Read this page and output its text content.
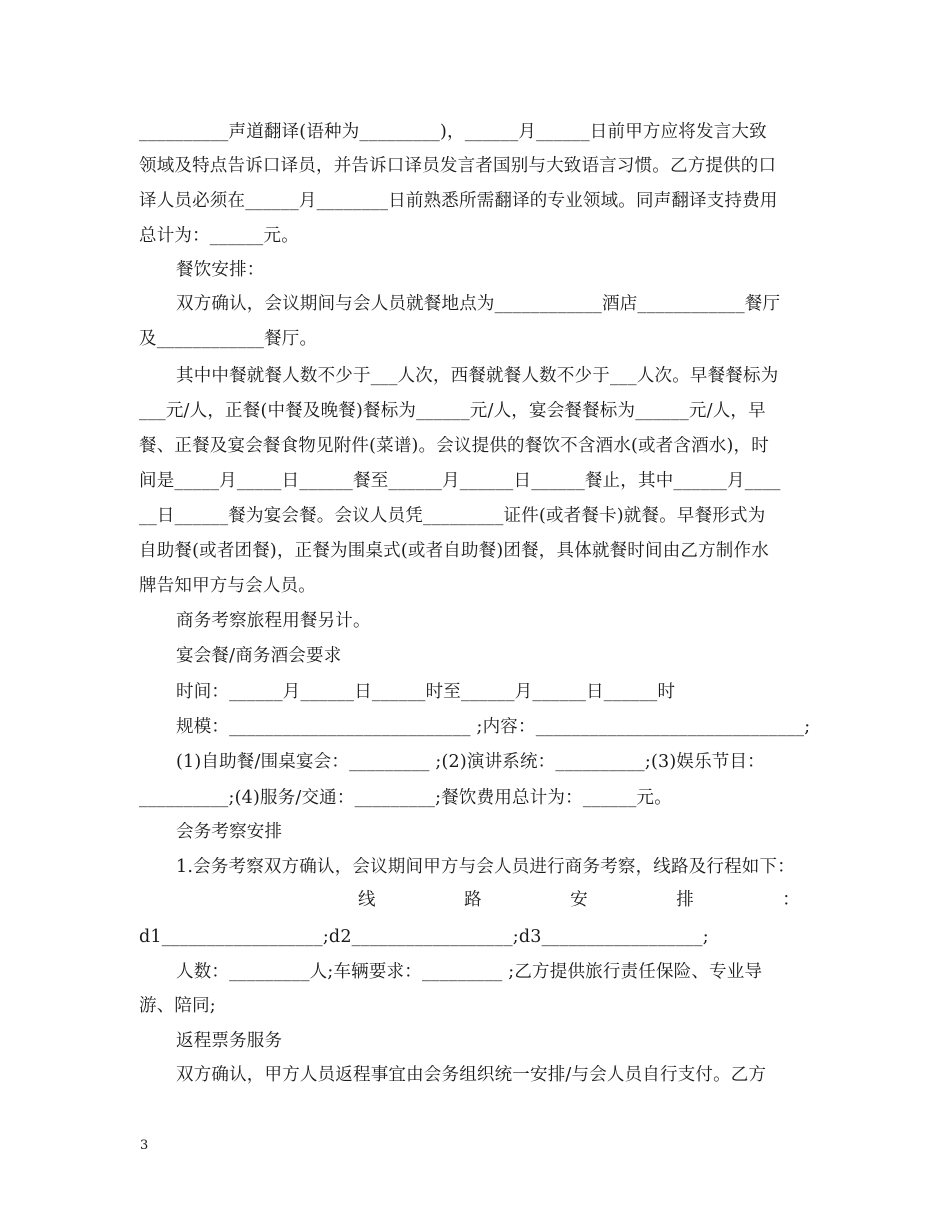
__________声道翻译(语种为_________)，______月______日前甲方应将发言大致
领域及特点告诉口译员，并告诉口译员发言者国别与大致语言习惯。乙方提供的口
译人员必须在______月________日前熟悉所需翻译的专业领域。同声翻译支持费用
总计为：______元。
餐饮安排：
双方确认，会议期间与会人员就餐地点为____________酒店____________餐厅
及____________餐厅。
其中中餐就餐人数不少于___人次，西餐就餐人数不少于___人次。早餐餐标为
___元/人，正餐(中餐及晚餐)餐标为______元/人，宴会餐餐标为______元/人，早
餐、正餐及宴会餐食物见附件(菜谱)。会议提供的餐饮不含酒水(或者含酒水)，时
间是_____月_____日______餐至______月______日______餐止，其中______月____
__日______餐为宴会餐。会议人员凭_________证件(或者餐卡)就餐。早餐形式为
自助餐(或者团餐)，正餐为围桌式(或者自助餐)团餐，具体就餐时间由乙方制作水
牌告知甲方与会人员。
商务考察旅程用餐另计。
宴会餐/商务酒会要求
时间：______月______日______时至______月______日______时
规模：___________________________ ;内容：______________________________;
(1)自助餐/围桌宴会：_________ ;(2)演讲系统：__________;(3)娱乐节目：
__________;(4)服务/交通：_________;餐饮费用总计为：______元。
会务考察安排
1.会务考察双方确认，会议期间甲方与会人员进行商务考察，线路及行程如下：
线	路	安	排	：
d1__________________;d2__________________;d3__________________;
人数：_________人;车辆要求：_________ ;乙方提供旅行责任保险、专业导
游、陪同;
返程票务服务
双方确认，甲方人员返程事宜由会务组织统一安排/与会人员自行支付。乙方
3
